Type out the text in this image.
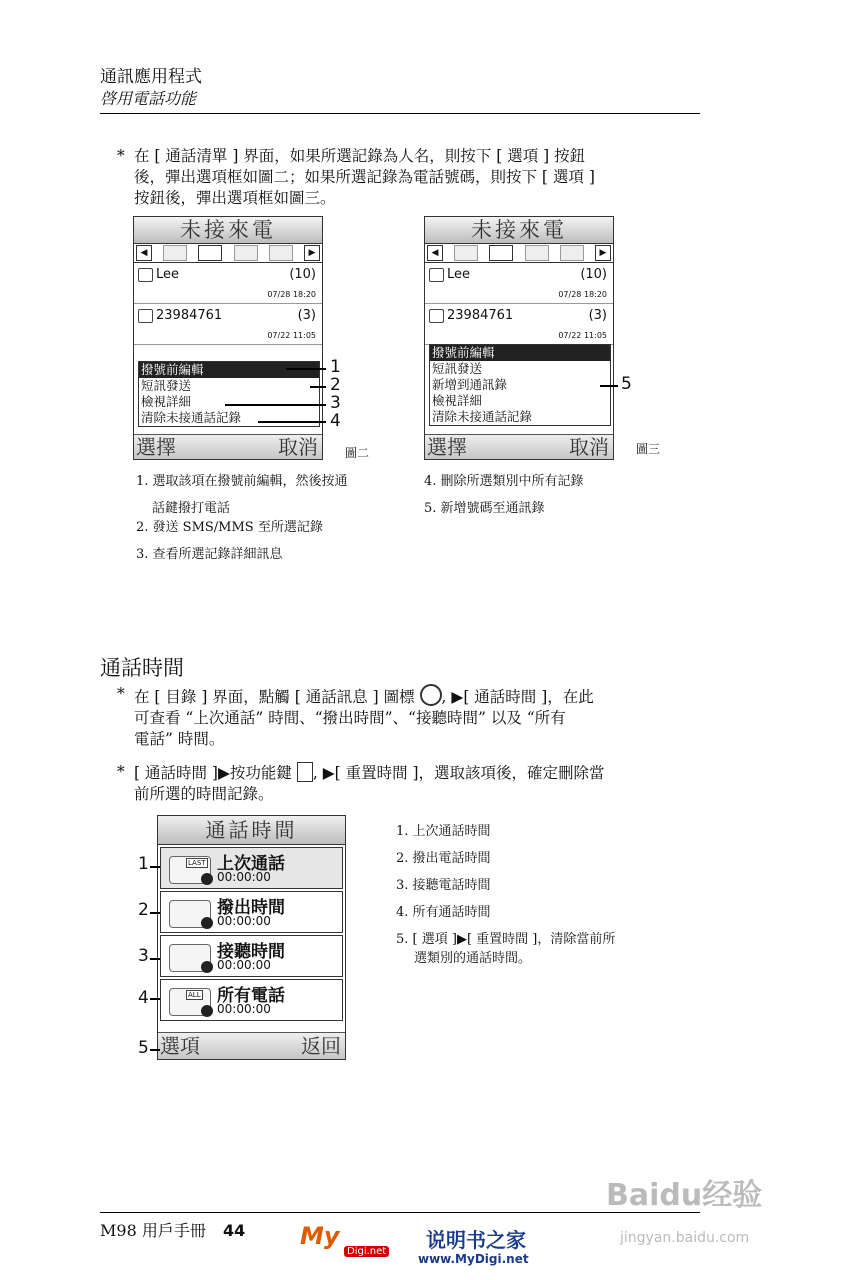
通訊應用程式
啓用電話功能
* 在 [ 通話清單 ] 界面，如果所選記錄為人名，則按下 [ 選項 ] 按鈕
後，彈出選項框如圖二；如果所選記錄為電話號碼，則按下 [ 選項 ]
按鈕後，彈出選項框如圖三。
未接來電
◀	▶
Lee	(10)
07/28 18:20
23984761	(3)
07/22 11:05
撥號前編輯
短訊發送
檢視詳細
清除未接通話記錄
選擇	取消
1
2
3
4
圖二
未接來電
◀	▶
Lee	(10)
07/28 18:20
23984761	(3)
07/22 11:05
撥號前編輯
短訊發送
新增到通訊錄
檢視詳細
清除未接通話記錄
選擇	取消
5
圖三
1. 選取該項在撥號前編輯，然後按通
話鍵撥打電話
2. 發送 SMS/MMS 至所選記錄
3. 查看所選記錄詳細訊息
4. 刪除所選類別中所有記錄
5. 新增號碼至通訊錄
通話時間
* 在 [ 目錄 ] 界面，點觸 [ 通話訊息 ] 圖標 , ▶[ 通話時間 ]，在此
可查看 “上次通話” 時間、“撥出時間”、“接聽時間” 以及 “所有
電話” 時間。
* [ 通話時間 ]▶按功能鍵 , ▶[ 重置時間 ]，選取該項後，確定刪除當
前所選的時間記錄。
通話時間
LAST 上次通話
00:00:00
撥出時間
00:00:00
接聽時間
00:00:00
ALL 所有電話
00:00:00
選項	返回
1
2
3
4
5
1. 上次通話時間
2. 撥出電話時間
3. 接聽電話時間
4. 所有通話時間
5. [ 選項 ]▶[ 重置時間 ]，清除當前所
選類別的通話時間。
M98 用戶手冊 44 My
Digi.net 说明书之家
www.MyDigi.net
Baidu经验
jingyan.baidu.com
